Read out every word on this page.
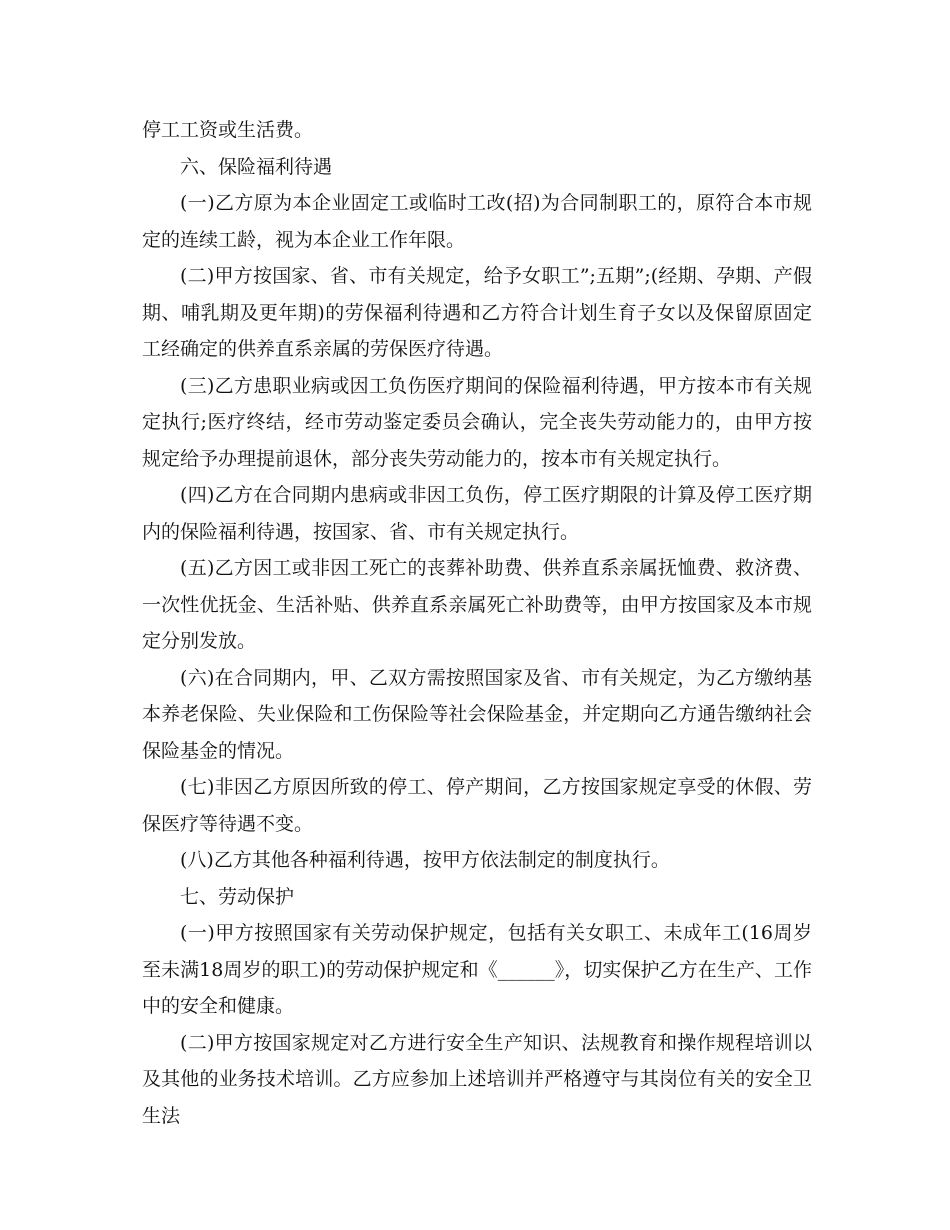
停工工资或生活费。

六、保险福利待遇

(一)乙方原为本企业固定工或临时工改(招)为合同制职工的，原符合本市规定的连续工龄，视为本企业工作年限。

(二)甲方按国家、省、市有关规定，给予女职工”;五期”;(经期、孕期、产假期、哺乳期及更年期)的劳保福利待遇和乙方符合计划生育子女以及保留原固定工经确定的供养直系亲属的劳保医疗待遇。

(三)乙方患职业病或因工负伤医疗期间的保险福利待遇，甲方按本市有关规定执行;医疗终结，经市劳动鉴定委员会确认，完全丧失劳动能力的，由甲方按规定给予办理提前退休，部分丧失劳动能力的，按本市有关规定执行。

(四)乙方在合同期内患病或非因工负伤，停工医疗期限的计算及停工医疗期内的保险福利待遇，按国家、省、市有关规定执行。

(五)乙方因工或非因工死亡的丧葬补助费、供养直系亲属抚恤费、救济费、一次性优抚金、生活补贴、供养直系亲属死亡补助费等，由甲方按国家及本市规定分别发放。

(六)在合同期内，甲、乙双方需按照国家及省、市有关规定，为乙方缴纳基本养老保险、失业保险和工伤保险等社会保险基金，并定期向乙方通告缴纳社会保险基金的情况。

(七)非因乙方原因所致的停工、停产期间，乙方按国家规定享受的休假、劳保医疗等待遇不变。

(八)乙方其他各种福利待遇，按甲方依法制定的制度执行。

七、劳动保护

(一)甲方按照国家有关劳动保护规定，包括有关女职工、未成年工(16周岁至未满18周岁的职工)的劳动保护规定和《______》，切实保护乙方在生产、工作中的安全和健康。

(二)甲方按国家规定对乙方进行安全生产知识、法规教育和操作规程培训以及其他的业务技术培训。乙方应参加上述培训并严格遵守与其岗位有关的安全卫生法
